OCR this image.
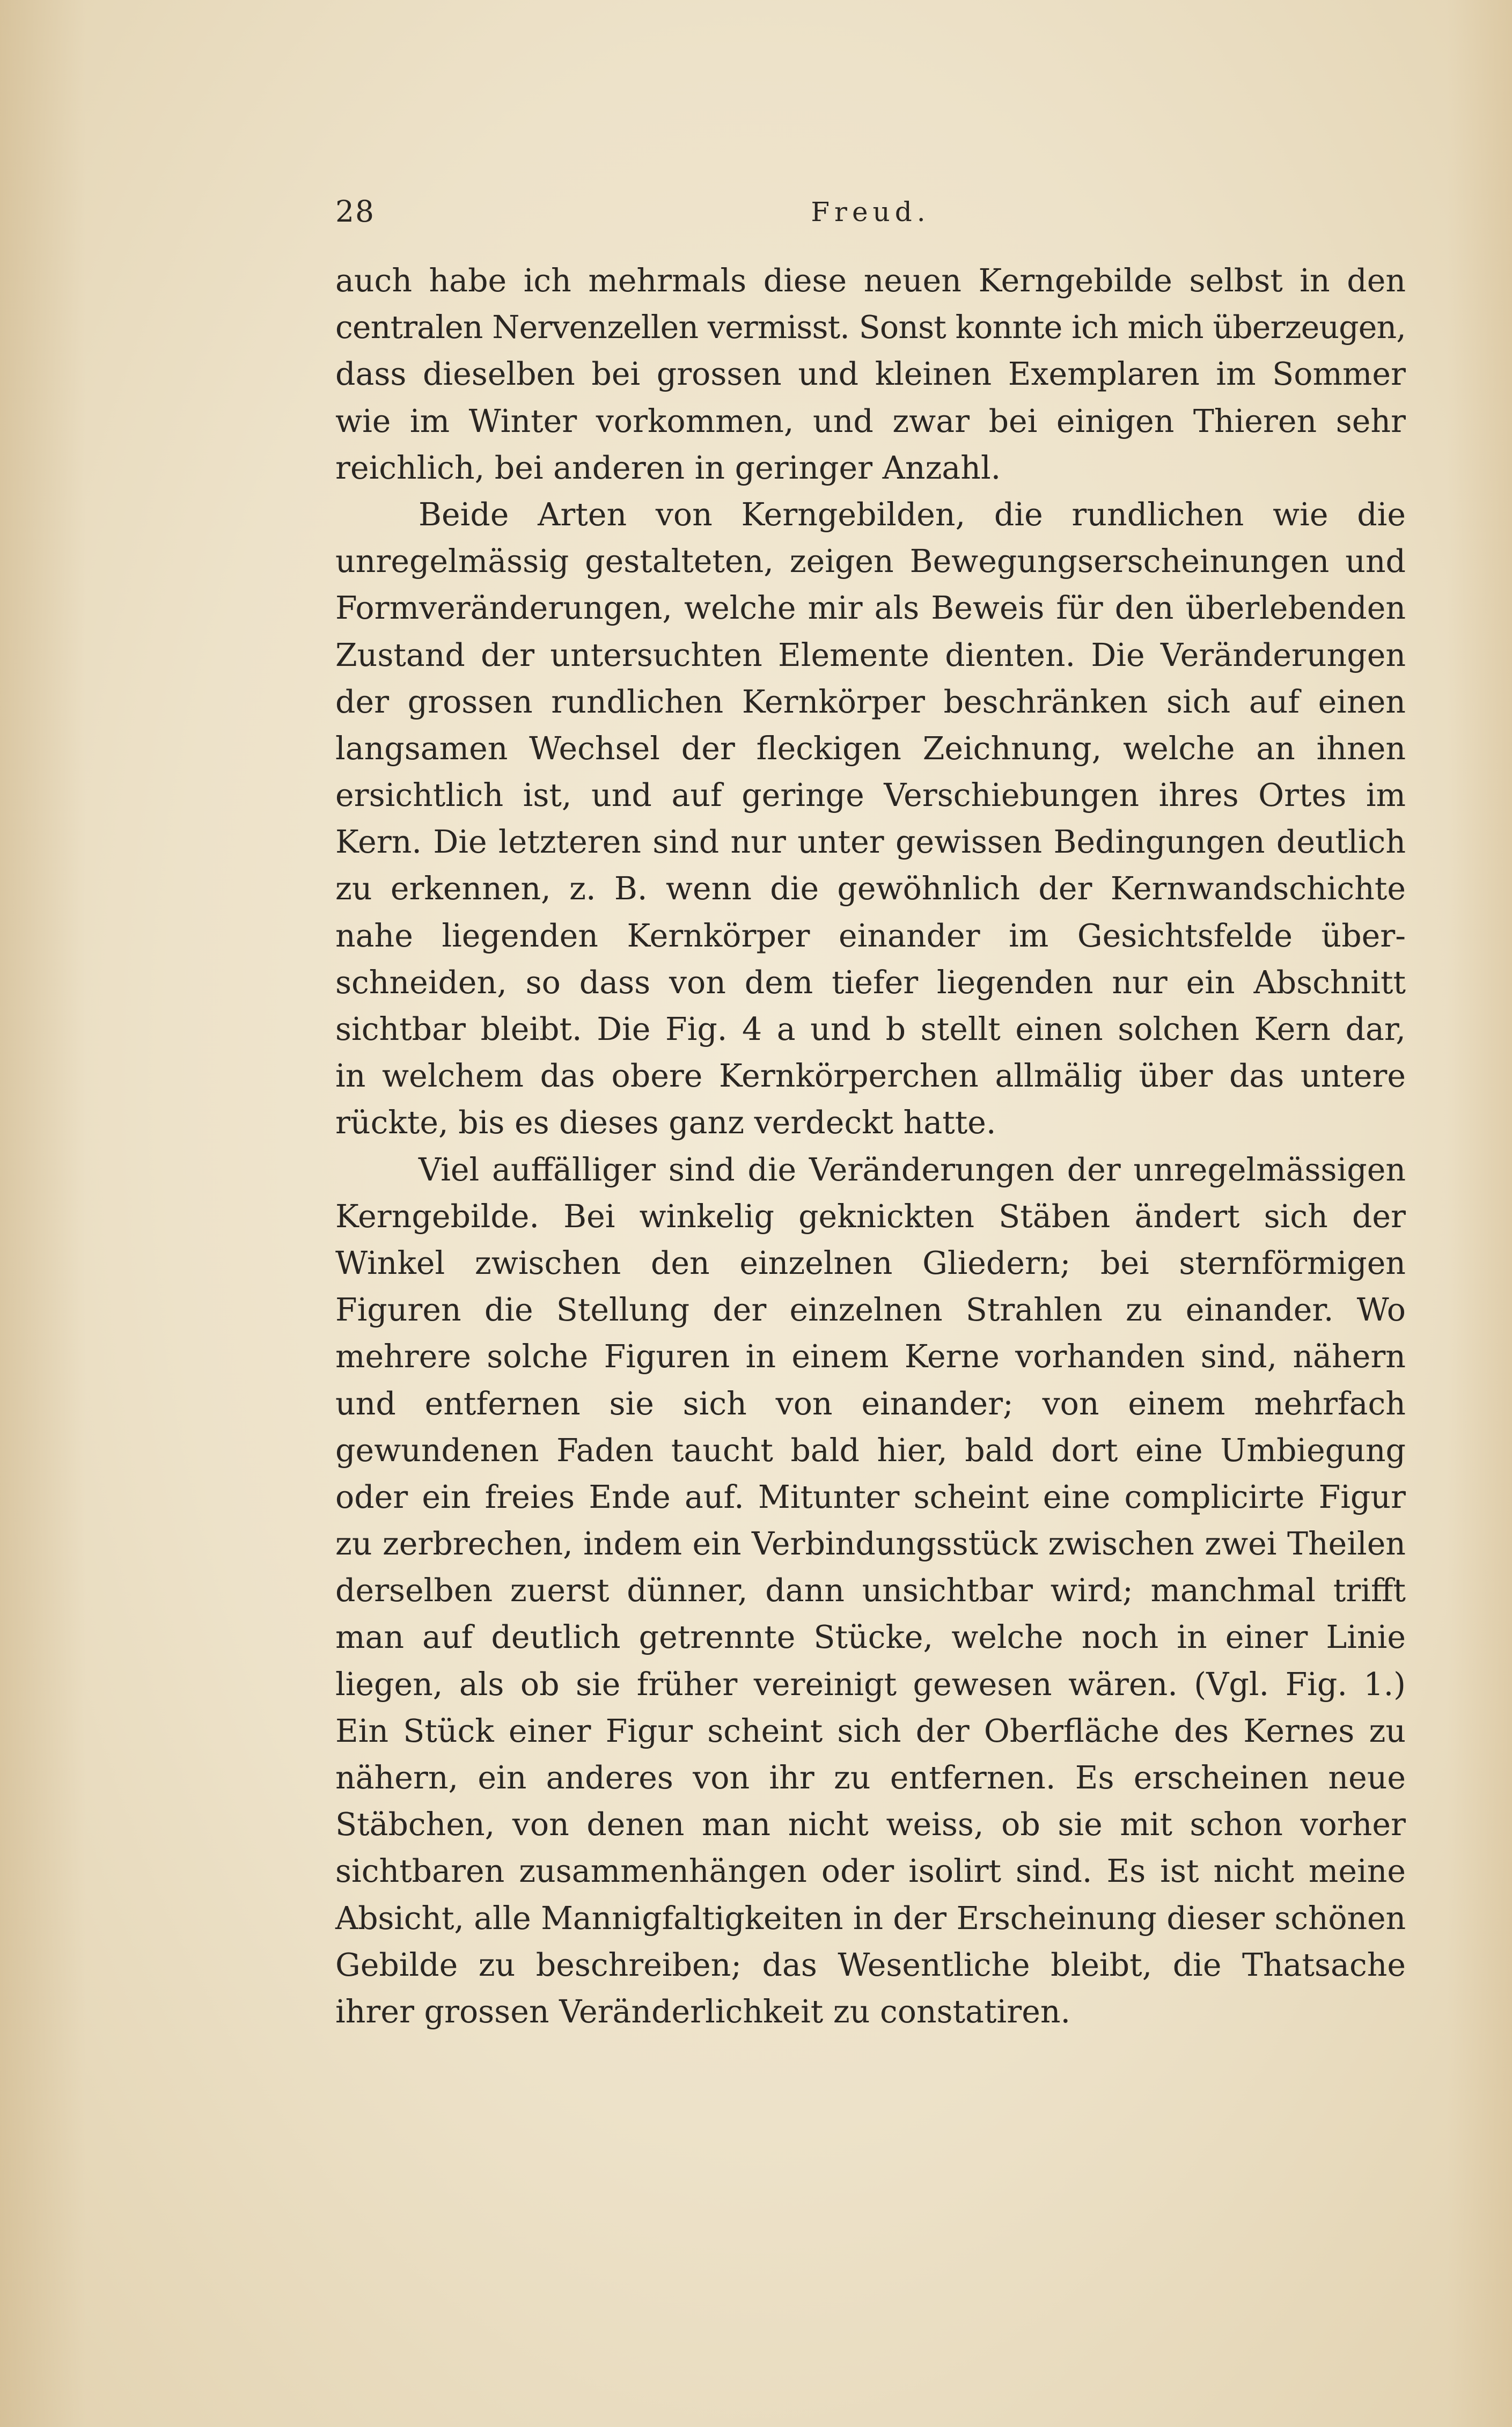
28	Freud.
auch habe ich mehrmals diese neuen Kerngebilde selbst in den
centralen Nervenzellen vermisst. Sonst konnte ich mich überzeugen,
dass dieselben bei grossen und kleinen Exemplaren im Sommer
wie im Winter vorkommen, und zwar bei einigen Thieren sehr
reichlich, bei anderen in geringer Anzahl.
Beide Arten von Kerngebilden, die rundlichen wie die
unregelmässig gestalteten, zeigen Bewegungserscheinungen und
Formveränderungen, welche mir als Beweis für den überlebenden
Zustand der untersuchten Elemente dienten. Die Veränderungen
der grossen rundlichen Kernkörper beschränken sich auf einen
langsamen Wechsel der fleckigen Zeichnung, welche an ihnen
ersichtlich ist, und auf geringe Verschiebungen ihres Ortes im
Kern. Die letzteren sind nur unter gewissen Bedingungen deutlich
zu erkennen, z. B. wenn die gewöhnlich der Kernwandschichte
nahe liegenden Kernkörper einander im Gesichtsfelde über-
schneiden, so dass von dem tiefer liegenden nur ein Abschnitt
sichtbar bleibt. Die Fig. 4 a und b stellt einen solchen Kern dar,
in welchem das obere Kernkörperchen allmälig über das untere
rückte, bis es dieses ganz verdeckt hatte.
Viel auffälliger sind die Veränderungen der unregelmässigen
Kerngebilde. Bei winkelig geknickten Stäben ändert sich der
Winkel zwischen den einzelnen Gliedern; bei sternförmigen
Figuren die Stellung der einzelnen Strahlen zu einander. Wo
mehrere solche Figuren in einem Kerne vorhanden sind, nähern
und entfernen sie sich von einander; von einem mehrfach
gewundenen Faden taucht bald hier, bald dort eine Umbiegung
oder ein freies Ende auf. Mitunter scheint eine complicirte Figur
zu zerbrechen, indem ein Verbindungsstück zwischen zwei Theilen
derselben zuerst dünner, dann unsichtbar wird; manchmal trifft
man auf deutlich getrennte Stücke, welche noch in einer Linie
liegen, als ob sie früher vereinigt gewesen wären. (Vgl. Fig. 1.)
Ein Stück einer Figur scheint sich der Oberfläche des Kernes zu
nähern, ein anderes von ihr zu entfernen. Es erscheinen neue
Stäbchen, von denen man nicht weiss, ob sie mit schon vorher
sichtbaren zusammenhängen oder isolirt sind. Es ist nicht meine
Absicht, alle Mannigfaltigkeiten in der Erscheinung dieser schönen
Gebilde zu beschreiben; das Wesentliche bleibt, die Thatsache
ihrer grossen Veränderlichkeit zu constatiren.
